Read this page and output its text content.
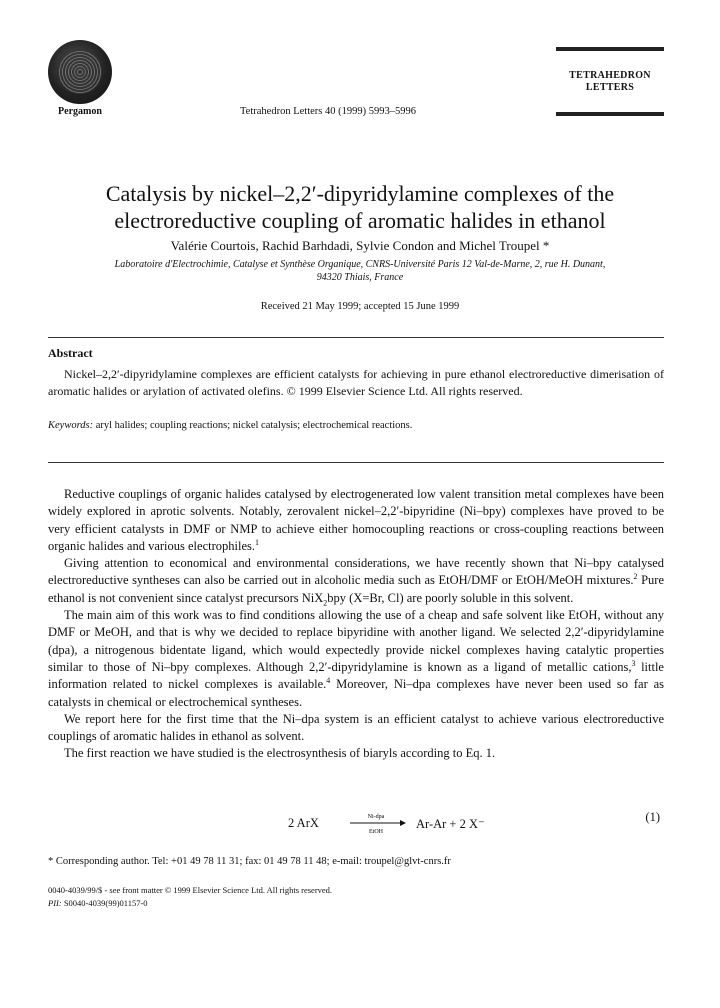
Pergamon	Tetrahedron Letters 40 (1999) 5993–5996
TETRAHEDRON
LETTERS
Catalysis by nickel–2,2′-dipyridylamine complexes of the
electroreductive coupling of aromatic halides in ethanol
Valérie Courtois, Rachid Barhdadi, Sylvie Condon and Michel Troupel *
Laboratoire d'Electrochimie, Catalyse et Synthèse Organique, CNRS-Université Paris 12 Val-de-Marne, 2, rue H. Dunant,
94320 Thiais, France
Received 21 May 1999; accepted 15 June 1999
Abstract
Nickel–2,2′-dipyridylamine complexes are efficient catalysts for achieving in pure ethanol electroreductive dimerisation of aromatic halides or arylation of activated olefins. © 1999 Elsevier Science Ltd. All rights reserved.
Keywords: aryl halides; coupling reactions; nickel catalysis; electrochemical reactions.

Reductive couplings of organic halides catalysed by electrogenerated low valent transition metal complexes have been widely explored in aprotic solvents. Notably, zerovalent nickel–2,2′-bipyridine (Ni–bpy) complexes have proved to be very efficient catalysts in DMF or NMP to achieve either homocoupling reactions or cross-coupling reactions between organic halides and various electrophiles.$^1$

Giving attention to economical and environmental considerations, we have recently shown that Ni–bpy catalysed electroreductive syntheses can also be carried out in alcoholic media such as EtOH/DMF or EtOH/MeOH mixtures.$^2$ Pure ethanol is not convenient since catalyst precursors NiX$_2$bpy (X=Br, Cl) are poorly soluble in this solvent.

The main aim of this work was to find conditions allowing the use of a cheap and safe solvent like EtOH, without any DMF or MeOH, and that is why we decided to replace bipyridine with another ligand. We selected 2,2′-dipyridylamine (dpa), a nitrogenous bidentate ligand, which would expectedly provide nickel complexes having catalytic properties similar to those of Ni–bpy complexes. Although 2,2′-dipyridylamine is known as a ligand of metallic cations,$^3$ little information related to nickel complexes is available.$^4$ Moreover, Ni–dpa complexes have never been used so far as catalysts in chemical or electrochemical syntheses.

We report here for the first time that the Ni–dpa system is an efficient catalyst to achieve various electroreductive couplings of aromatic halides in ethanol as solvent.

The first reaction we have studied is the electrosynthesis of biaryls according to Eq. 1.

2 ArX	Ni-dpa
EtOH
Ar-Ar + 2 X⁻	(1)
* Corresponding author. Tel: +01 49 78 11 31; fax: 01 49 78 11 48; e-mail: troupel@glvt-cnrs.fr
0040-4039/99/$ - see front matter © 1999 Elsevier Science Ltd. All rights reserved.
PII: S0040-4039(99)01157-0
